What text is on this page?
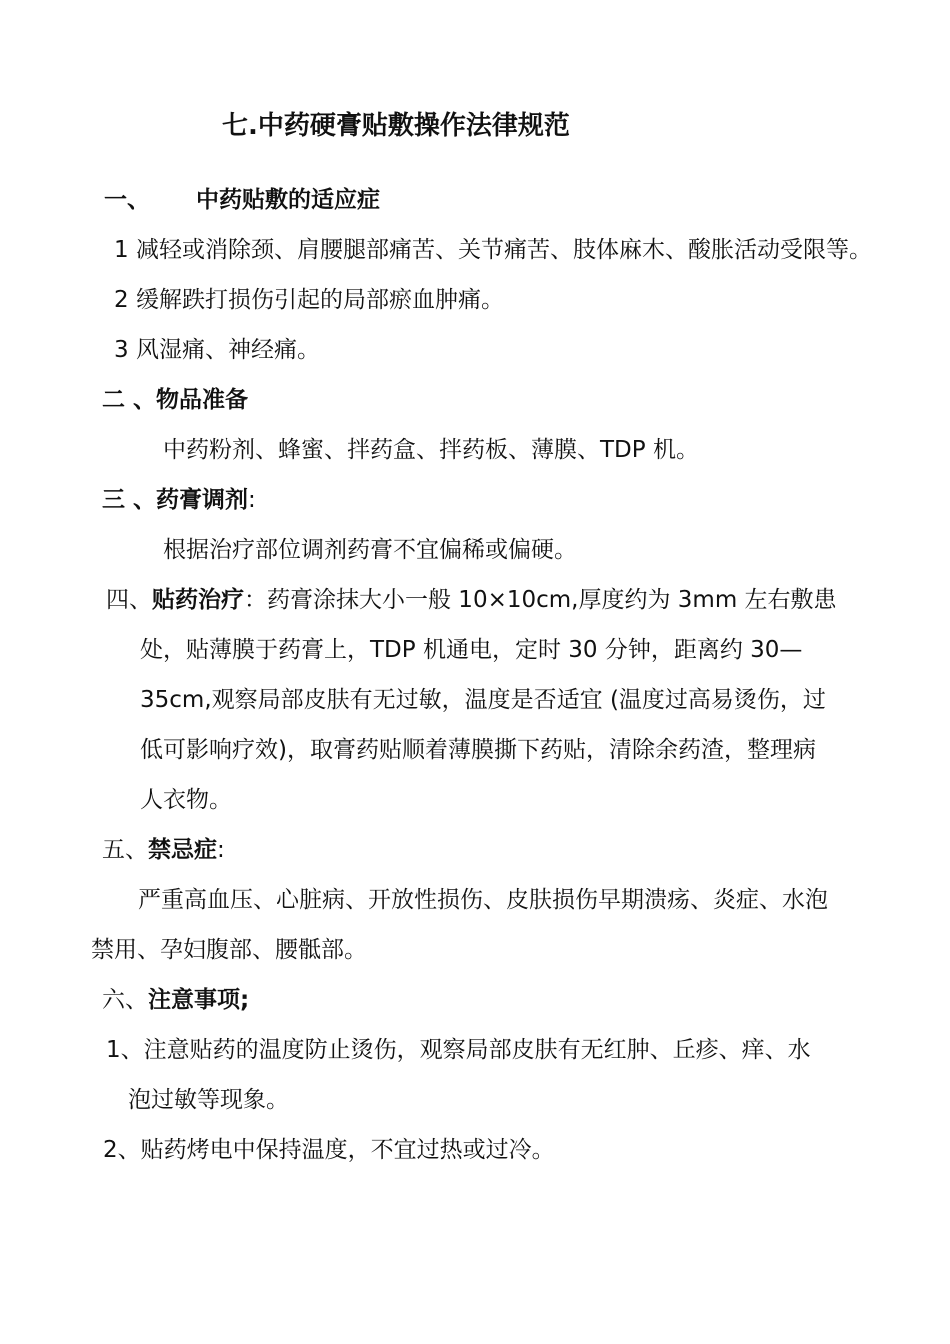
七.中药硬膏贴敷操作法律规范
一、 中药贴敷的适应症

1 减轻或消除颈、肩腰腿部痛苦、关节痛苦、肢体麻木、酸胀活动受限等。

2 缓解跌打损伤引起的局部瘀血肿痛。

3 风湿痛、神经痛。

二 、物品准备

中药粉剂、蜂蜜、拌药盒、拌药板、薄膜、TDP 机。

三 、药膏调剂:

根据治疗部位调剂药膏不宜偏稀或偏硬。

四、贴药治疗：药膏涂抹大小一般 10×10cm,厚度约为 3mm 左右敷患

处，贴薄膜于药膏上，TDP 机通电，定时 30 分钟，距离约 30—

35cm,观察局部皮肤有无过敏，温度是否适宜 (温度过高易烫伤，过

低可影响疗效)，取膏药贴顺着薄膜撕下药贴，清除余药渣，整理病

人衣物。

五、禁忌症:

严重高血压、心脏病、开放性损伤、皮肤损伤早期溃疡、炎症、水泡

禁用、孕妇腹部、腰骶部。

六、注意事项;

1、注意贴药的温度防止烫伤，观察局部皮肤有无红肿、丘疹、痒、水

泡过敏等现象。

2、贴药烤电中保持温度，不宜过热或过冷。
